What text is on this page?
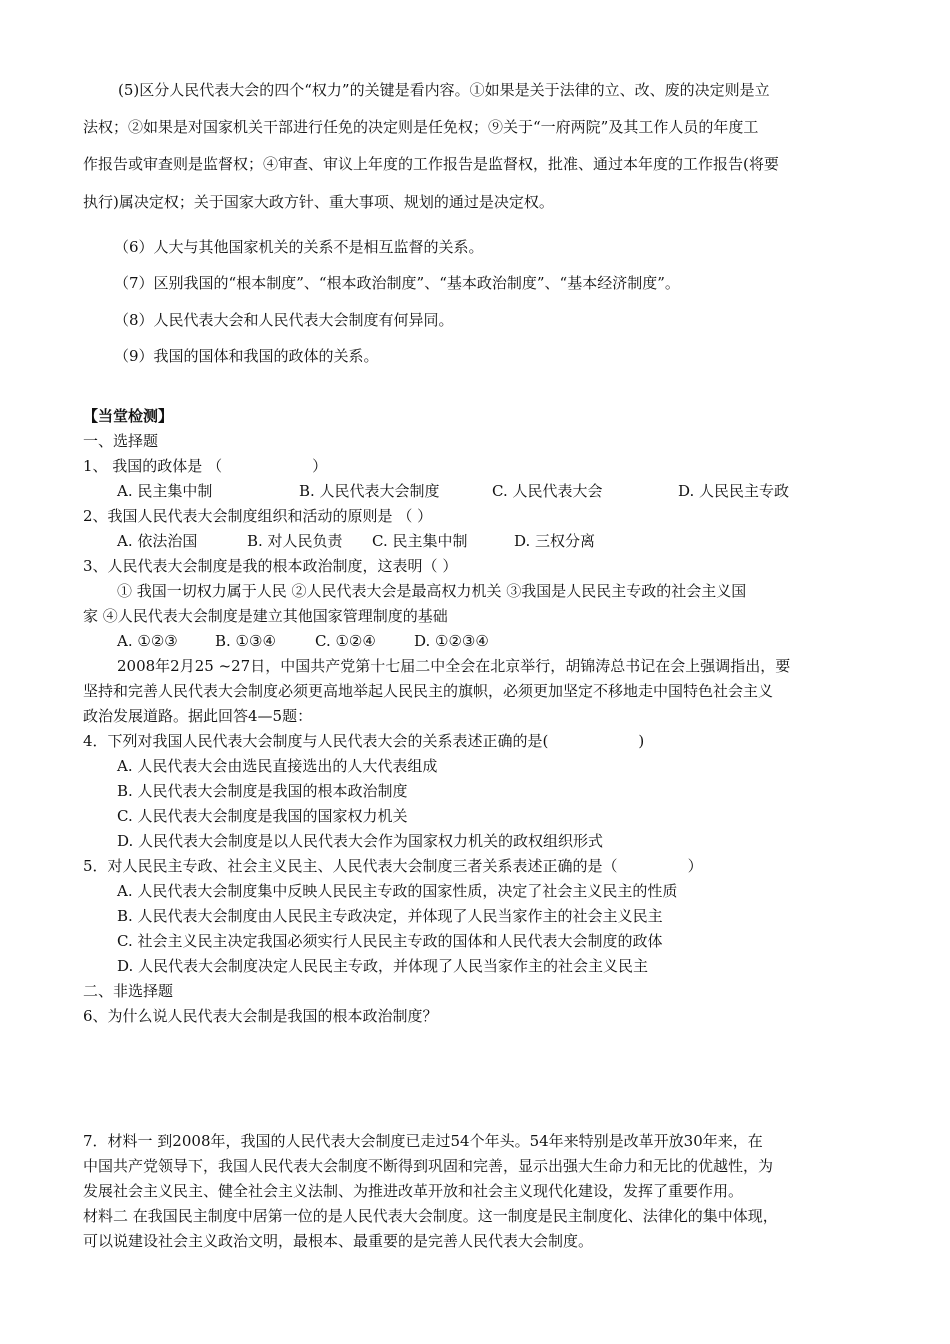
(5)区分人民代表大会的四个“权力”的关键是看内容。①如果是关于法律的立、改、废的决定则是立
法权；②如果是对国家机关干部进行任免的决定则是任免权；⑨关于“一府两院”及其工作人员的年度工
作报告或审查则是监督权；④审查、审议上年度的工作报告是监督权，批准、通过本年度的工作报告(将要
执行)属决定权；关于国家大政方针、重大事项、规划的通过是决定权。
（6）人大与其他国家机关的关系不是相互监督的关系。
（7）区别我国的“根本制度”、“根本政治制度”、“基本政治制度”、“基本经济制度”。
（8）人民代表大会和人民代表大会制度有何异同。
（9）我国的国体和我国的政体的关系。
【当堂检测】
一、选择题
1、 我国的政体是 （	）
A. 民主集中制	B. 人民代表大会制度	C. 人民代表大会	D. 人民民主专政
2、我国人民代表大会制度组织和活动的原则是 （ ）
A. 依法治国	B. 对人民负责 C. 民主集中制	D. 三权分离
3、人民代表大会制度是我的根本政治制度，这表明（ ）
① 我国一切权力属于人民 ②人民代表大会是最高权力机关 ③我国是人民民主专政的社会主义国
家 ④人民代表大会制度是建立其他国家管理制度的基础
A. ①②③ B. ①③④	C. ①②④	D. ①②③④
2008年2月25 ~27日，中国共产党第十七届二中全会在北京举行，胡锦涛总书记在会上强调指出，要
坚持和完善人民代表大会制度必须更高地举起人民民主的旗帜，必须更加坚定不移地走中国特色社会主义
政治发展道路。据此回答4—5题：
4．下列对我国人民代表大会制度与人民代表大会的关系表述正确的是(	)
A. 人民代表大会由选民直接选出的人大代表组成
B. 人民代表大会制度是我国的根本政治制度
C. 人民代表大会制度是我国的国家权力机关
D. 人民代表大会制度是以人民代表大会作为国家权力机关的政权组织形式
5．对人民民主专政、社会主义民主、人民代表大会制度三者关系表述正确的是（	）
A. 人民代表大会制度集中反映人民民主专政的国家性质，决定了社会主义民主的性质
B. 人民代表大会制度由人民民主专政决定，并体现了人民当家作主的社会主义民主
C. 社会主义民主决定我国必须实行人民民主专政的国体和人民代表大会制度的政体
D. 人民代表大会制度决定人民民主专政，并体现了人民当家作主的社会主义民主
二、非选择题
6、为什么说人民代表大会制是我国的根本政治制度？
7．材料一 到2008年，我国的人民代表大会制度已走过54个年头。54年来特别是改革开放30年来，在
中国共产党领导下，我国人民代表大会制度不断得到巩固和完善，显示出强大生命力和无比的优越性，为
发展社会主义民主、健全社会主义法制、为推进改革开放和社会主义现代化建设，发挥了重要作用。
材料二 在我国民主制度中居第一位的是人民代表大会制度。这一制度是民主制度化、法律化的集中体现，
可以说建设社会主义政治文明，最根本、最重要的是完善人民代表大会制度。
